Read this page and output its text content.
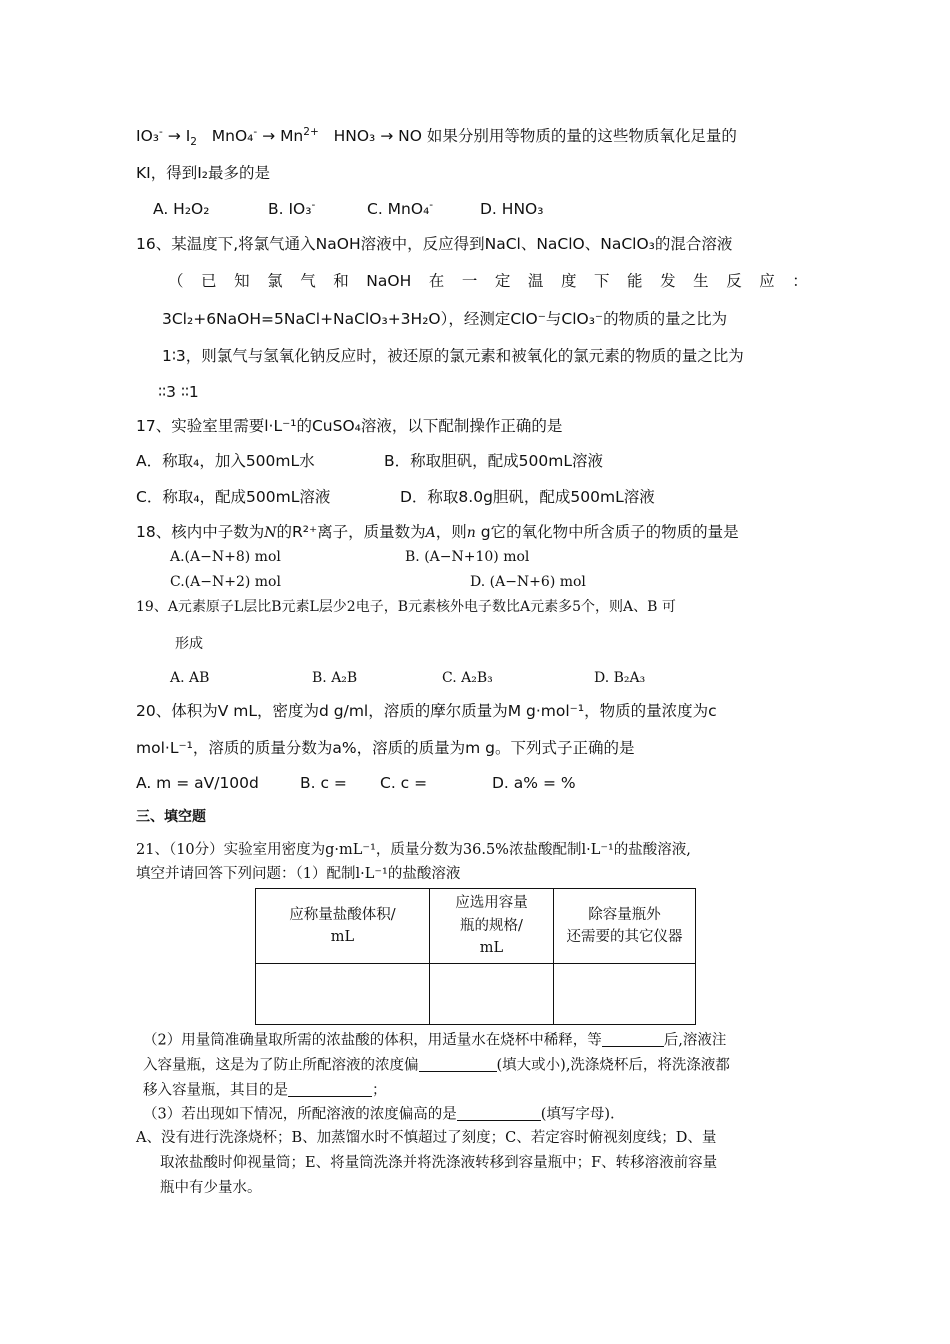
$IO_3^- \to I_2$ $MnO_4^- \to Mn^{2+}$ HNO₃ → NO 如果分别用等物质的量的这些物质氧化足量的
KI，得到I₂最多的是
A. H₂O₂	B. IO₃-	C. MnO₄-	D. HNO₃
16、某温度下,将氯气通入NaOH溶液中，反应得到NaCl、NaClO、NaClO₃的混合溶液
（ 已 知 氯 气 和 NaOH 在 一 定 温 度 下 能 发 生 反 应 ：
3Cl₂+6NaOH=5NaCl+NaClO₃+3H₂O），经测定ClO⁻与ClO₃⁻的物质的量之比为
1∶3，则氯气与氢氧化钠反应时，被还原的氯元素和被氧化的氯元素的物质的量之比为
∶∶3 ∶∶1
17、实验室里需要l·L⁻¹的CuSO₄溶液，以下配制操作正确的是
A．称取₄，加入500mL水	B．称取胆矾，配成500mL溶液
C．称取₄，配成500mL溶液	D．称取8.0g胆矾，配成500mL溶液
18、核内中子数为N的R²⁺离子，质量数为A，则n g它的氧化物中所含质子的物质的量是
A.(A−N+8) mol	B. (A−N+10) mol
C.(A−N+2) mol	D. (A−N+6) mol
19、A元素原子L层比B元素L层少2电子，B元素核外电子数比A元素多5个，则A、B 可
形成
A. AB	B. A₂B	C. A₂B₃	D. B₂A₃
20、体积为V mL，密度为d g/ml，溶质的摩尔质量为M g·mol⁻¹，物质的量浓度为c
mol·L⁻¹，溶质的质量分数为a%，溶质的质量为m g。下列式子正确的是
A. m = aV/100d	B. c = C. c =	D. a% = %
三、填空题
21、（10分）实验室用密度为g·mL⁻¹，质量分数为36.5%浓盐酸配制l·L⁻¹的盐酸溶液,
填空并请回答下列问题：（1）配制l·L⁻¹的盐酸溶液
应称量盐酸体积/
mL	应选用容量
瓶的规格/
mL	除容量瓶外
还需要的其它仪器

（2）用量筒准确量取所需的浓盐酸的体积，用适量水在烧杯中稀释，等	后,溶液注
入容量瓶，这是为了防止所配溶液的浓度偏	(填大或小),洗涤烧杯后，将洗涤液都
移入容量瓶，其目的是	；
（3）若出现如下情况，所配溶液的浓度偏高的是	(填写字母).
A、没有进行洗涤烧杯；B、加蒸馏水时不慎超过了刻度；C、若定容时俯视刻度线；D、量
取浓盐酸时仰视量筒；E、将量筒洗涤并将洗涤液转移到容量瓶中；F、转移溶液前容量
瓶中有少量水。
